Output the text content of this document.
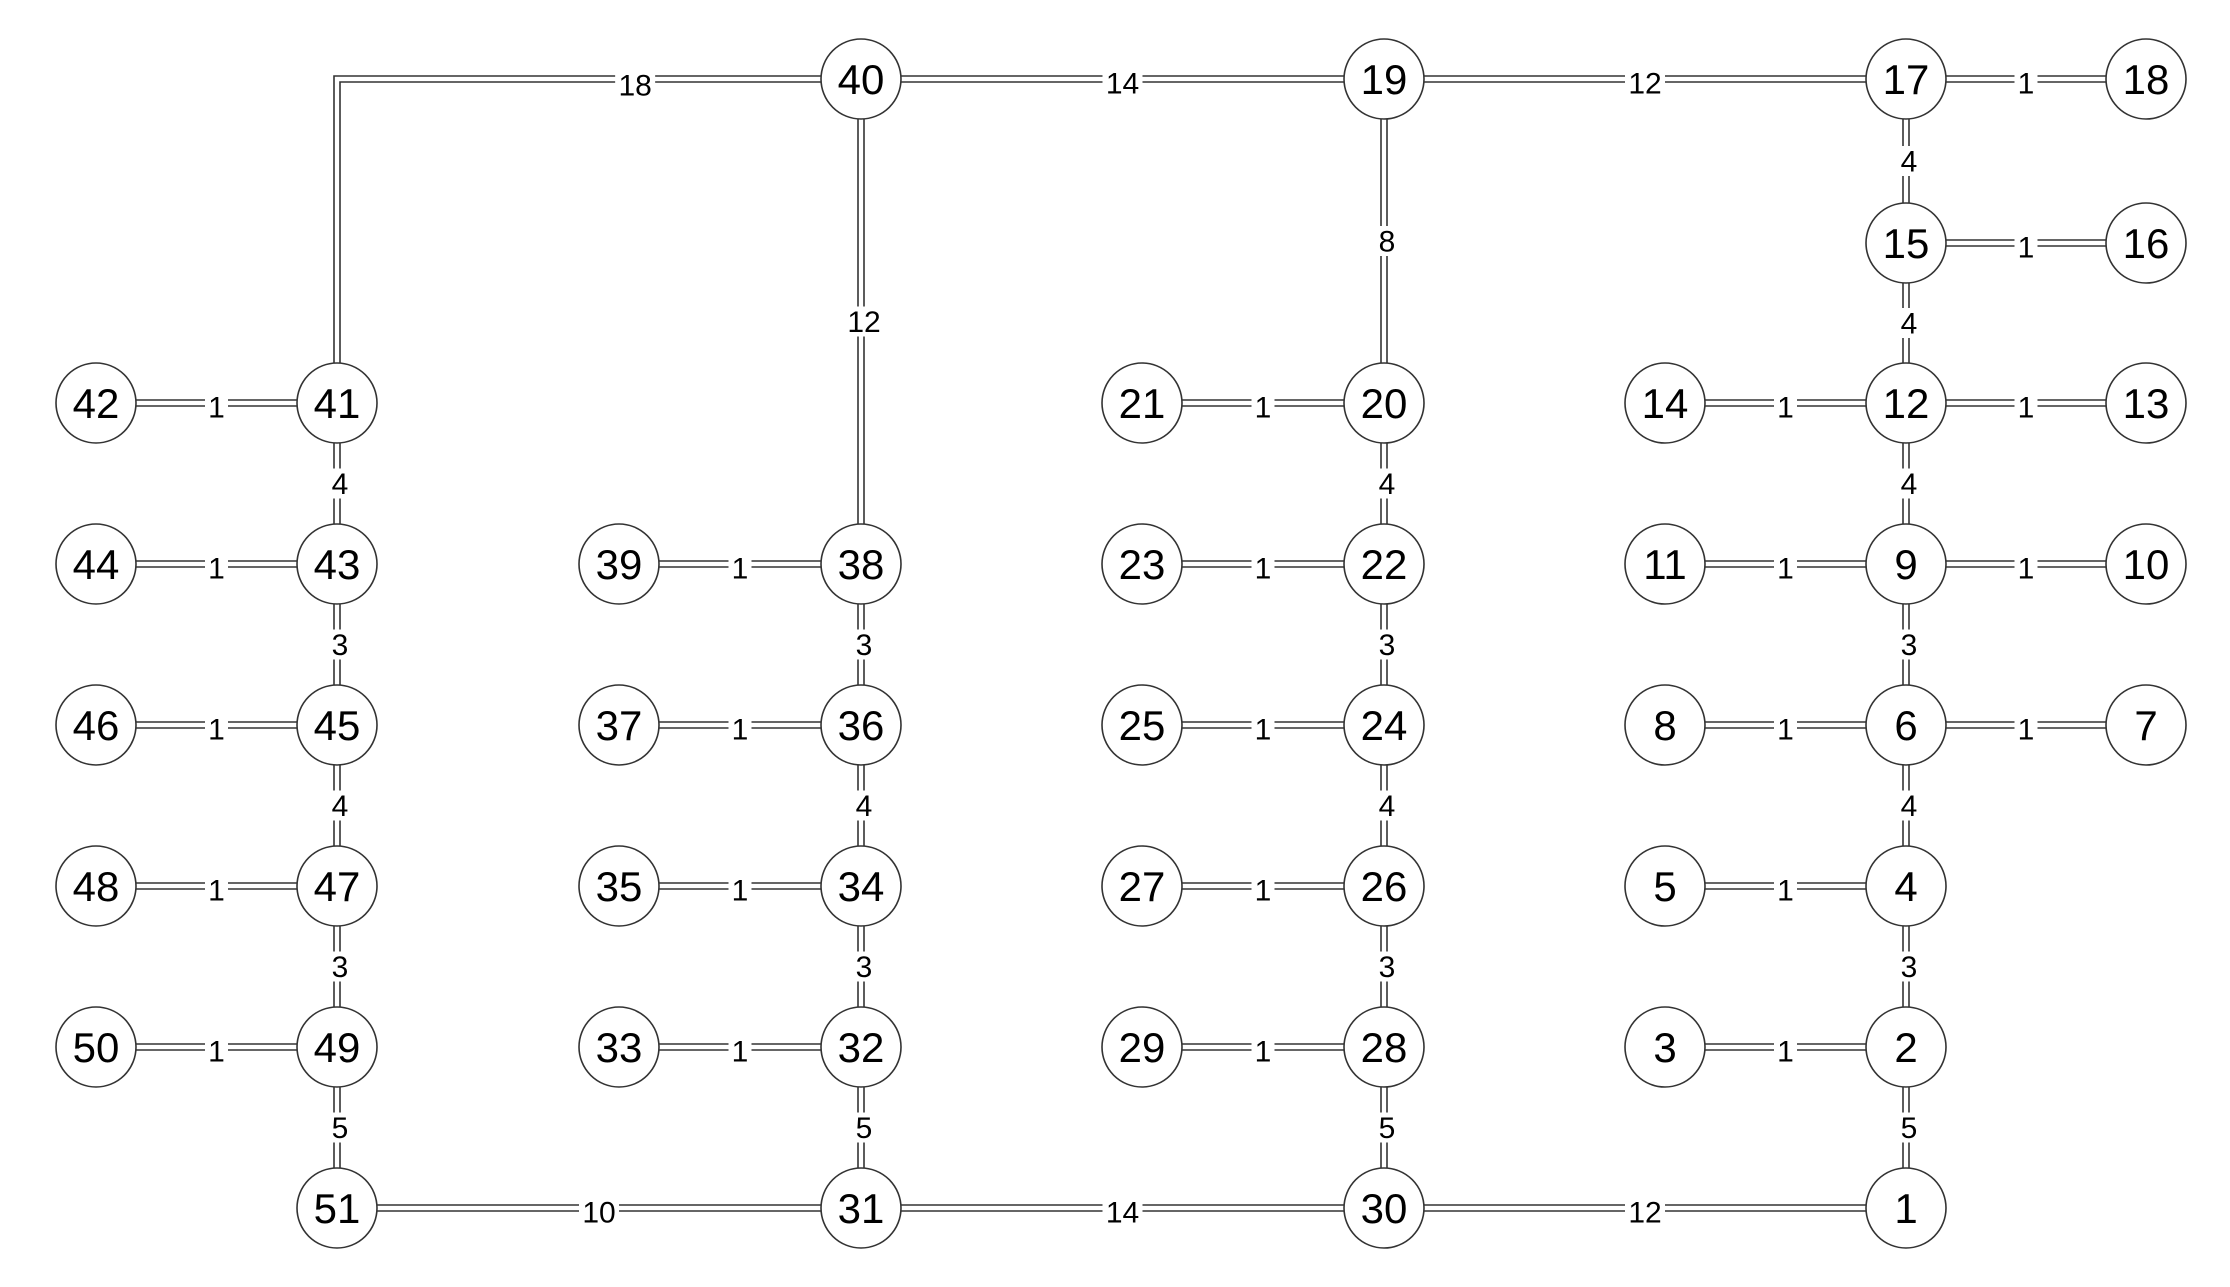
18	14	12	1
4
1
4
12
8
1	1	1	1
4	4	4
1	1	1	1	1
3	3	3	3
1	1	1	1	1
4	4	4	4
1	1	1	1
3	3	3	3
1	1	1	1
5	5	5	5
10	14	12	1
2
3
4
5
6	7
8
9	10
11
12	13
14
15	16
17	18
19
20
21
22
23
24
25
26
27
28
29
30
31
32
33
34
35
36
37
38
39
40
41
42
43
44
45
46
47
48
49
50
51
